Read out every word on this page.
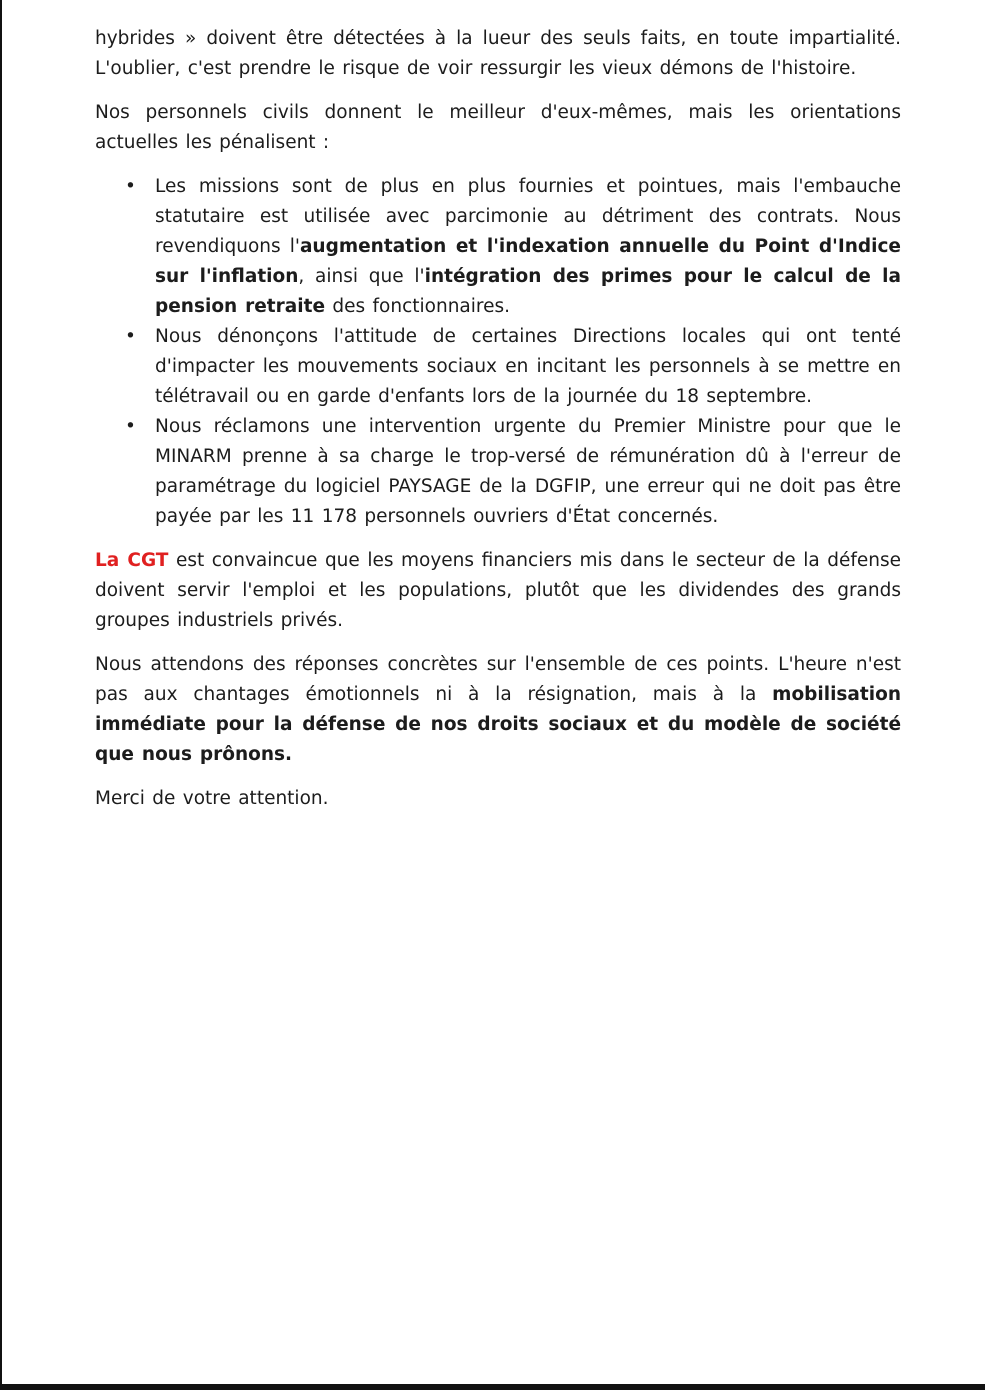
hybrides » doivent être détectées à la lueur des seuls faits, en toute impartialité. L'oublier, c'est prendre le risque de voir ressurgir les vieux démons de l'histoire.

Nos personnels civils donnent le meilleur d'eux-mêmes, mais les orientations actuelles les pénalisent :

• Les missions sont de plus en plus fournies et pointues, mais l'embauche statutaire est utilisée avec parcimonie au détriment des contrats. Nous revendiquons l'augmentation et l'indexation annuelle du Point d'Indice sur l'inflation, ainsi que l'intégration des primes pour le calcul de la pension retraite des fonctionnaires.
• Nous dénonçons l'attitude de certaines Directions locales qui ont tenté d'impacter les mouvements sociaux en incitant les personnels à se mettre en télétravail ou en garde d'enfants lors de la journée du 18 septembre.
• Nous réclamons une intervention urgente du Premier Ministre pour que le MINARM prenne à sa charge le trop-versé de rémunération dû à l'erreur de paramétrage du logiciel PAYSAGE de la DGFIP, une erreur qui ne doit pas être payée par les 11 178 personnels ouvriers d'État concernés.

La CGT est convaincue que les moyens financiers mis dans le secteur de la défense doivent servir l'emploi et les populations, plutôt que les dividendes des grands groupes industriels privés.

Nous attendons des réponses concrètes sur l'ensemble de ces points. L'heure n'est pas aux chantages émotionnels ni à la résignation, mais à la mobilisation immédiate pour la défense de nos droits sociaux et du modèle de société que nous prônons.

Merci de votre attention.
